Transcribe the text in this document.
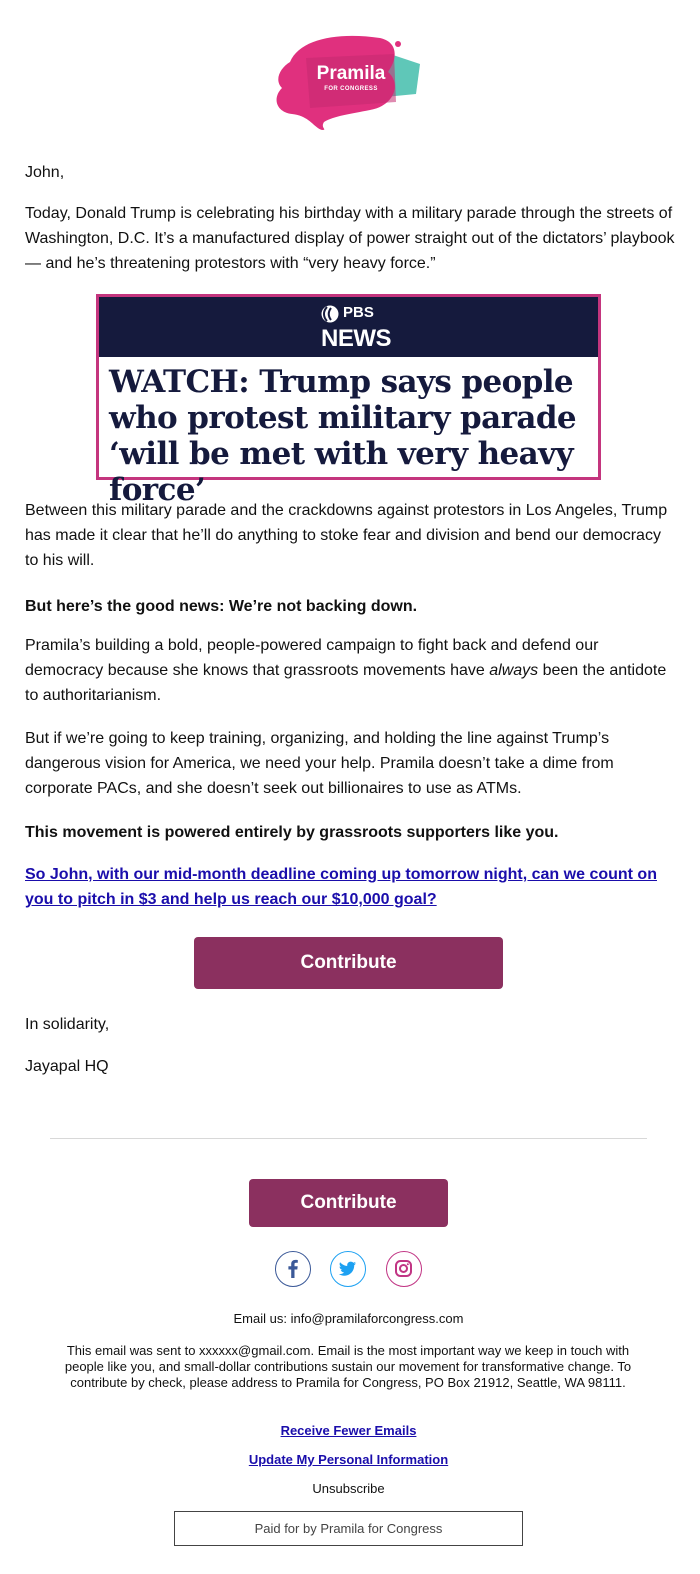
Pramila
FOR CONGRESS
John,
Today, Donald Trump is celebrating his birthday with a military parade through the streets of Washington, D.C. It’s a manufactured display of power straight out of the dictators’ playbook — and he’s threatening protestors with “very heavy force.”
PBS
NEWS
WATCH: Trump says people who protest military parade ‘will be met with very heavy force’
Between this military parade and the crackdowns against protestors in Los Angeles, Trump has made it clear that he’ll do anything to stoke fear and division and bend our democracy to his will.
But here’s the good news: We’re not backing down.
Pramila’s building a bold, people-powered campaign to fight back and defend our democracy because she knows that grassroots movements have always been the antidote to authoritarianism.
But if we’re going to keep training, organizing, and holding the line against Trump’s dangerous vision for America, we need your help. Pramila doesn’t take a dime from corporate PACs, and she doesn’t seek out billionaires to use as ATMs.
This movement is powered entirely by grassroots supporters like you.
So John, with our mid-month deadline coming up tomorrow night, can we count on you to pitch in $3 and help us reach our $10,000 goal?
Contribute
In solidarity,
Jayapal HQ
Contribute
Email us: info@pramilaforcongress.com
This email was sent to xxxxxx@gmail.com. Email is the most important way we keep in touch with people like you, and small-dollar contributions sustain our movement for transformative change. To contribute by check, please address to Pramila for Congress, PO Box 21912, Seattle, WA 98111.
Receive Fewer Emails
Update My Personal Information
Unsubscribe
Paid for by Pramila for Congress
